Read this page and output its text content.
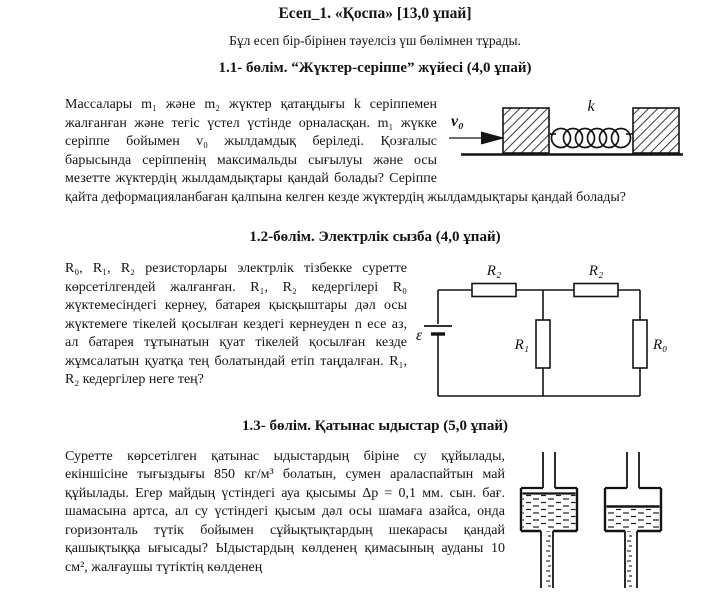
Есеп_1. «Қоспа» [13,0 ұпай]
Бұл есеп бір-бірінен тәуелсіз үш бөлімнен тұрады.
1.1- бөлім. “Жүктер-серіппе” жүйесі (4,0 ұпай)
k
v₀

Массалары m₁ және m₂ жүктер қатаңдығы k серіппемен жалғанған және тегіс үстел үстінде орналасқан. m₁ жүкке серіппе бойымен v₀ жылдамдық беріледі. Қозғалыс барысында серіппенің максимальды сығылуы және осы мезетте жүктердің жылдамдықтары қандай болады? Серіппе қайта деформацияланбаған қалпына келген кезде жүктердің жылдамдықтары қандай болады?

1.2-бөлім. Электрлік сызба (4,0 ұпай)
ε
R₂	R₂
R₁	R₀

R₀, R₁, R₂ резисторлары электрлік тізбекке суретте көрсетілгендей жалғанған. R₁, R₂ кедергілері R₀ жүктемесіндегі кернеу, батарея қысқыштары дәл осы жүктемеге тікелей қосылған кездегі кернеуден n есе аз, ал батарея тұтынатын қуат тікелей қосылған кезде жұмсалатын қуатқа тең болатындай етіп таңдалған. R₁, R₂ кедергілер неге тең?

1.3- бөлім. Қатынас ыдыстар (5,0 ұпай)

Суретте көрсетілген қатынас ыдыстардың біріне су құйылады, екіншісіне тығыздығы 850 кг/м³ болатын, сумен араласпайтын май құйылады. Егер майдың үстіндегі ауа қысымы Δp = 0,1 мм. сын. бағ. шамасына артса, ал су үстіндегі қысым дәл осы шамаға азайса, онда горизонталь түтік бойымен сұйықтықтардың шекарасы қандай қашықтыққа ығысады? Ыдыстардың көлденең қимасының ауданы 10 см², жалғаушы түтіктің көлденең
